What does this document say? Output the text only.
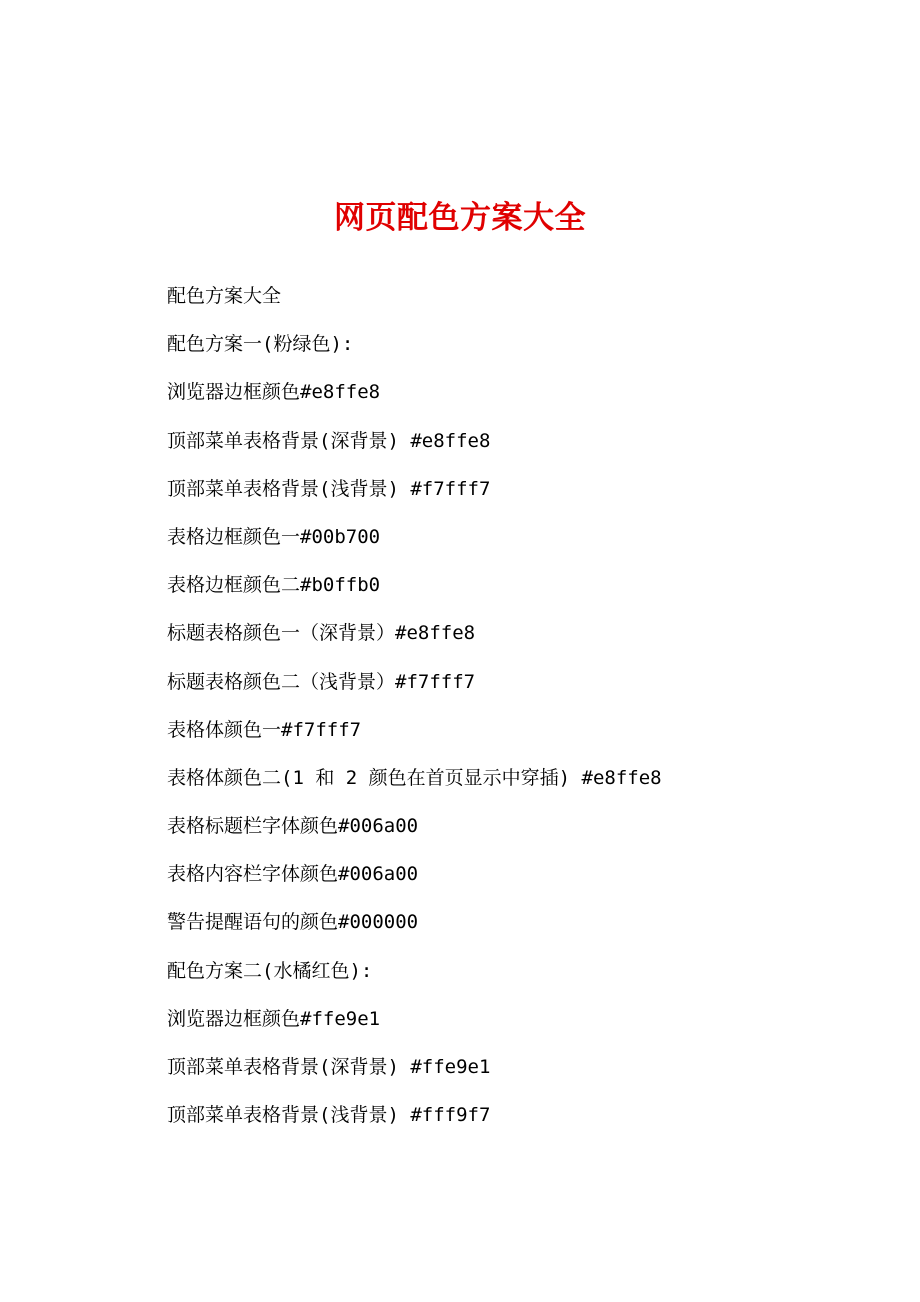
网页配色方案大全
配色方案大全
配色方案一(粉绿色):
浏览器边框颜色#e8ffe8
顶部菜单表格背景(深背景) #e8ffe8
顶部菜单表格背景(浅背景) #f7fff7
表格边框颜色一#00b700
表格边框颜色二#b0ffb0
标题表格颜色一（深背景）#e8ffe8
标题表格颜色二（浅背景）#f7fff7
表格体颜色一#f7fff7
表格体颜色二(1 和 2 颜色在首页显示中穿插) #e8ffe8
表格标题栏字体颜色#006a00
表格内容栏字体颜色#006a00
警告提醒语句的颜色#000000
配色方案二(水橘红色):
浏览器边框颜色#ffe9e1
顶部菜单表格背景(深背景) #ffe9e1
顶部菜单表格背景(浅背景) #fff9f7
